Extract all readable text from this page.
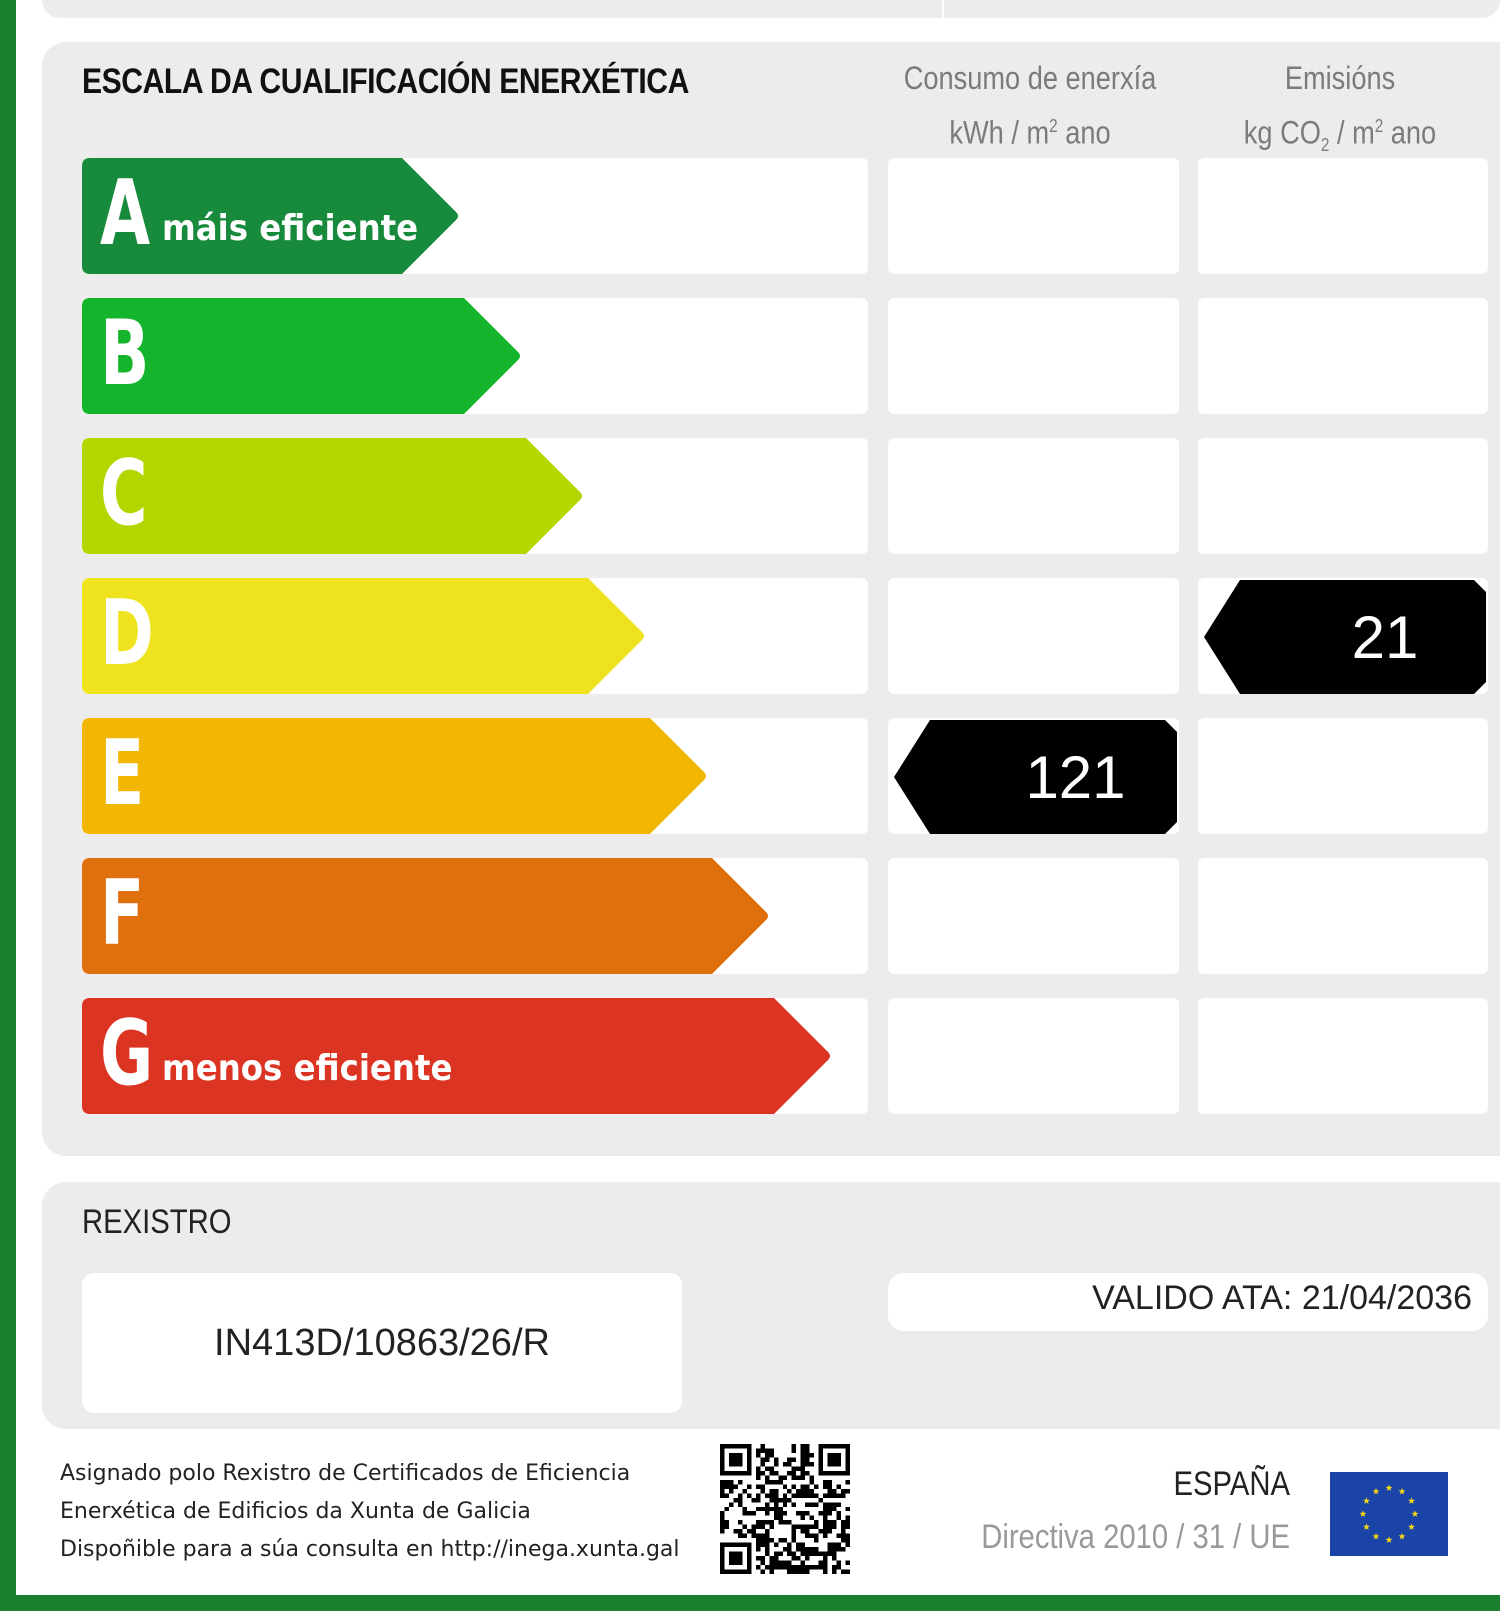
ESCALA DA CUALIFICACIÓN ENERXÉTICA	Consumo de enerxía
kWh / $m^2$ ano
Emisións
kg $CO_2 / m^2$ ano
A máis eficiente
B
C
D
E
F
G menos eficiente
121
21
REXISTRO
IN413D/10863/26/R
VALIDO ATA: 21/04/2036
Asignado polo Rexistro de Certificados de Eficiencia
Enerxética de Edificios da Xunta de Galicia
Dispoñible para a súa consulta en http://inega.xunta.gal
ESPAÑA
Directiva 2010 / 31 / UE
